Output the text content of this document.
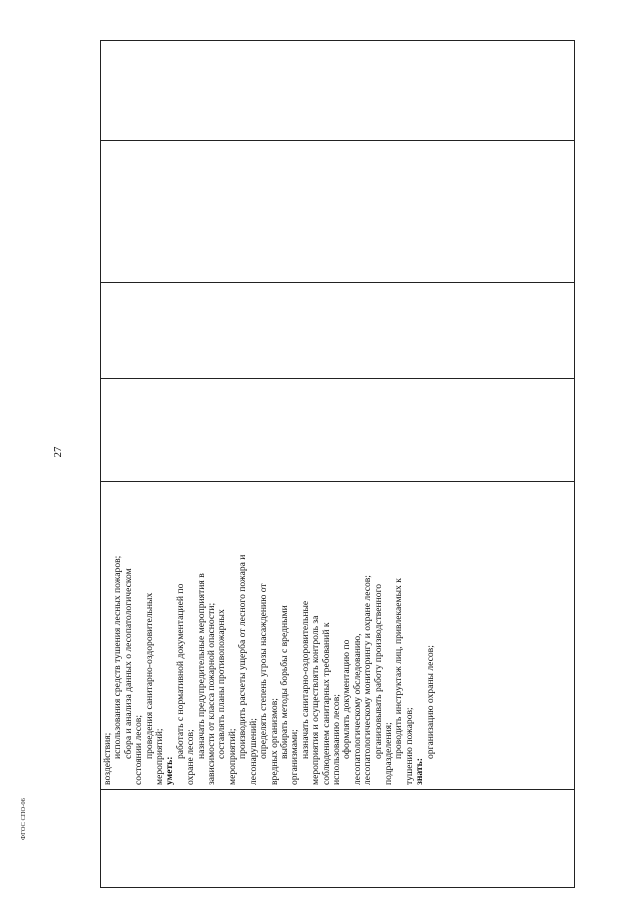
27
ФГОС СПО-06
воздействия; использования средств тушения лесных пожаров; сбора и анализа данных о лесопатологическом состоянии лесов; проведения санитарно-оздоровительных мероприятий; уметь:
работать с нормативной документацией по охране лесов; назначать предупредительные мероприятия в зависимости от класса пожарной опасности; составлять планы противопожарных мероприятий; производить расчеты ущерба от лесного пожара и лесонарушений; определять степень угрозы насаждению от вредных организмов; выбирать методы борьбы с вредными организмами; назначать санитарно-оздоровительные мероприятия и осуществлять контроль за соблюдением санитарных требований к использованию лесов; оформлять документацию по лесопатологическому обследованию, лесопатологическому мониторингу и охране лесов; организовывать работу производственного подразделения; проводить инструктаж лиц, привлекаемых к тушению пожаров; знать:
организацию охраны лесов;
